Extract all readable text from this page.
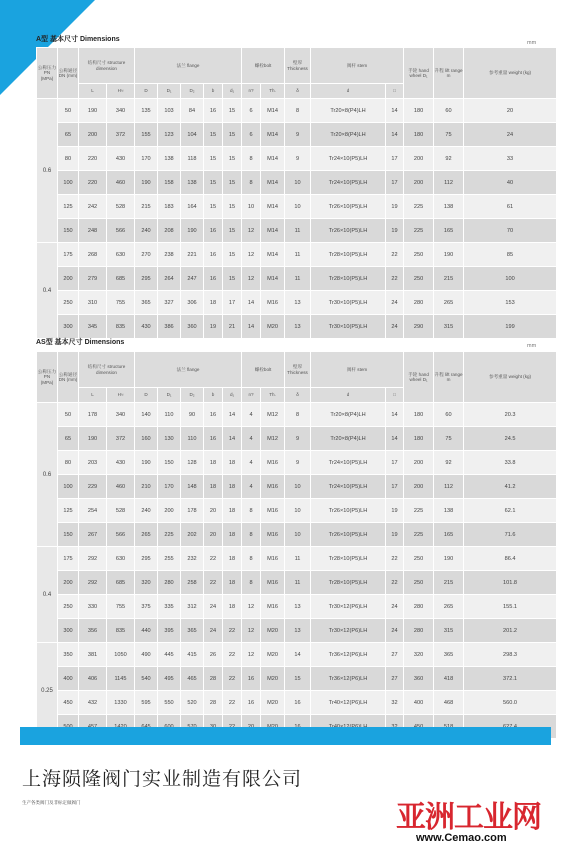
A型 基本尺寸 Dimensions	mm
公称压力 PN (MPa)	公称通径 DN (mm)	结构尺寸 structure dimension		法兰 flange					螺栓bolt		壁厚 Thickness	阀杆 stem		手轮 hand wheel D₁	升程 lift range m	参考重量 weight (kg)
		L	H≈	D	D₁	D₂	b	d₁	n?	Th.	δ	d	□			
0.6	50	190	340	135	103	84	16	15	6	M14	8	Tr20×8(P4)LH	14	180	60	20
	65	200	372	155	123	104	15	15	6	M14	9	Tr20×8(P4)LH	14	180	75	24
	80	220	430	170	138	118	15	15	8	M14	9	Tr24×10(P5)LH	17	200	92	33
	100	220	460	190	158	138	15	15	8	M14	10	Tr24×10(P5)LH	17	200	112	40
	125	242	528	215	183	164	15	15	10	M14	10	Tr26×10(P5)LH	19	225	138	61
	150	248	566	240	208	190	16	15	12	M14	11	Tr26×10(P5)LH	19	225	165	70
0.4	175	268	630	270	238	221	16	15	12	M14	11	Tr28×10(P5)LH	22	250	190	85
	200	279	685	295	264	247	16	15	12	M14	11	Tr28×10(P5)LH	22	250	215	100
	250	310	755	365	327	306	18	17	14	M16	13	Tr30×10(P5)LH	24	280	265	153
	300	345	835	430	386	360	19	21	14	M20	13	Tr30×10(P5)LH	24	290	315	199
AS型 基本尺寸 Dimensions	mm
公称压力 PN (MPa)	公称通径 DN (mm)	结构尺寸 structure dimension		法兰 flange					螺栓bolt		壁厚 Thickness	阀杆 stem		手轮 hand wheel D₁	升程 lift range m	参考重量 weight (kg)
		L	H≈	D	D₁	D₂	b	d₁	n?	Th.	δ	d	□			
0.6	50	178	340	140	110	90	16	14	4	M12	8	Tr20×8(P4)LH	14	180	60	20.3
	65	190	372	160	130	110	16	14	4	M12	9	Tr20×8(P4)LH	14	180	75	24.5
	80	203	430	190	150	128	18	18	4	M16	9	Tr24×10(P5)LH	17	200	92	33.8
	100	229	460	210	170	148	18	18	4	M16	10	Tr24×10(P5)LH	17	200	112	41.2
	125	254	528	240	200	178	20	18	8	M16	10	Tr26×10(P5)LH	19	225	138	62.1
	150	267	566	265	225	202	20	18	8	M16	10	Tr26×10(P5)LH	19	225	165	71.6
0.4	175	292	630	295	255	232	22	18	8	M16	11	Tr28×10(P5)LH	22	250	190	86.4
	200	292	685	320	280	258	22	18	8	M16	11	Tr28×10(P5)LH	22	250	215	101.8
	250	330	755	375	335	312	24	18	12	M16	13	Tr30×12(P6)LH	24	280	265	155.1
	300	356	835	440	395	365	24	22	12	M20	13	Tr30×12(P6)LH	24	280	315	201.2
0.25	350	381	1050	490	445	415	26	22	12	M20	14	Tr36×12(P6)LH	27	320	365	298.3
	400	406	1145	540	495	465	28	22	16	M20	15	Tr36×12(P6)LH	27	360	418	372.1
	450	432	1330	595	550	520	28	22	16	M20	16	Tr40×12(P6)LH	32	400	468	560.0

上海陨隆阀门实业制造有限公司
生产各类阀门及非标定做阀门	亚洲工业网
www.Cemao.com
